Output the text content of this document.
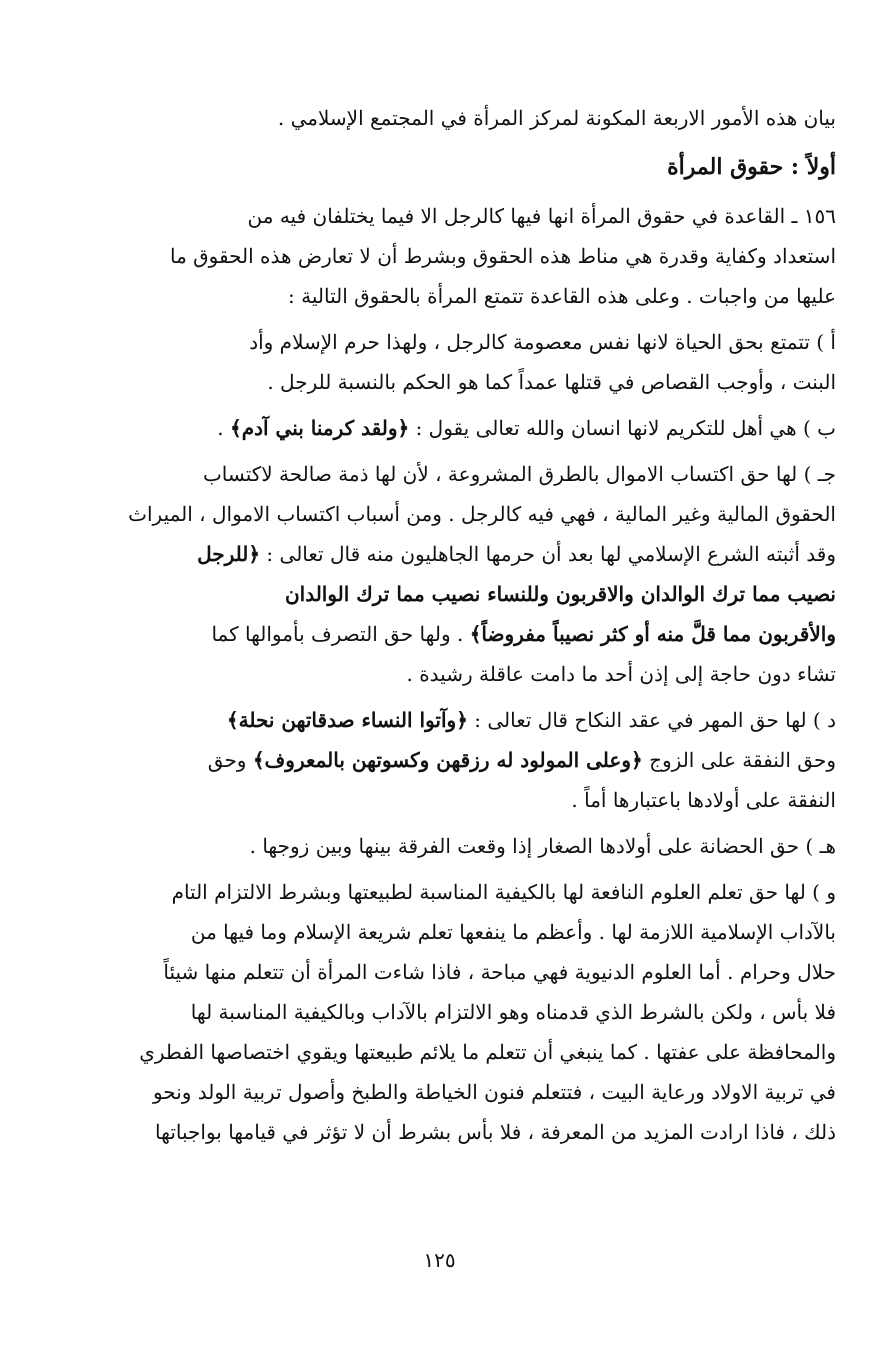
بيان هذه الأمور الاربعة المكونة لمركز المرأة في المجتمع الإسلامي .
أولاً : حقوق المرأة
١٥٦ ـ القاعدة في حقوق المرأة انها فيها كالرجل الا فيما يختلفان فيه من
استعداد وكفاية وقدرة هي مناط هذه الحقوق وبشرط أن لا تعارض هذه الحقوق ما
عليها من واجبات . وعلى هذه القاعدة تتمتع المرأة بالحقوق التالية :
أ ) تتمتع بحق الحياة لانها نفس معصومة كالرجل ، ولهذا حرم الإسلام وأد
البنت ، وأوجب القصاص في قتلها عمداً كما هو الحكم بالنسبة للرجل .
ب ) هي أهل للتكريم لانها انسان والله تعالى يقول : ﴿ولقد كرمنا بني آدم﴾ .
جـ ) لها حق اكتساب الاموال بالطرق المشروعة ، لأن لها ذمة صالحة لاكتساب
الحقوق المالية وغير المالية ، فهي فيه كالرجل . ومن أسباب اكتساب الاموال ، الميراث
وقد أثبته الشرع الإسلامي لها بعد أن حرمها الجاهليون منه قال تعالى : ﴿للرجل
نصيب مما ترك الوالدان والاقربون وللنساء نصيب مما ترك الوالدان
والأقربون مما قلَّ منه أو كثر نصيباً مفروضاً﴾ . ولها حق التصرف بأموالها كما
تشاء دون حاجة إلى إذن أحد ما دامت عاقلة رشيدة .
د ) لها حق المهر في عقد النكاح قال تعالى : ﴿وآتوا النساء صدقاتهن نحلة﴾
وحق النفقة على الزوج ﴿وعلى المولود له رزقهن وكسوتهن بالمعروف﴾ وحق
النفقة على أولادها باعتبارها أماً .
هـ ) حق الحضانة على أولادها الصغار إذا وقعت الفرقة بينها وبين زوجها .
و ) لها حق تعلم العلوم النافعة لها بالكيفية المناسبة لطبيعتها وبشرط الالتزام التام
بالآداب الإسلامية اللازمة لها . وأعظم ما ينفعها تعلم شريعة الإسلام وما فيها من
حلال وحرام . أما العلوم الدنيوية فهي مباحة ، فاذا شاءت المرأة أن تتعلم منها شيئاً
فلا بأس ، ولكن بالشرط الذي قدمناه وهو الالتزام بالآداب وبالكيفية المناسبة لها
والمحافظة على عفتها . كما ينبغي أن تتعلم ما يلائم طبيعتها ويقوي اختصاصها الفطري
في تربية الاولاد ورعاية البيت ، فتتعلم فنون الخياطة والطبخ وأصول تربية الولد ونحو
ذلك ، فاذا ارادت المزيد من المعرفة ، فلا بأس بشرط أن لا تؤثر في قيامها بواجباتها
١٢٥
